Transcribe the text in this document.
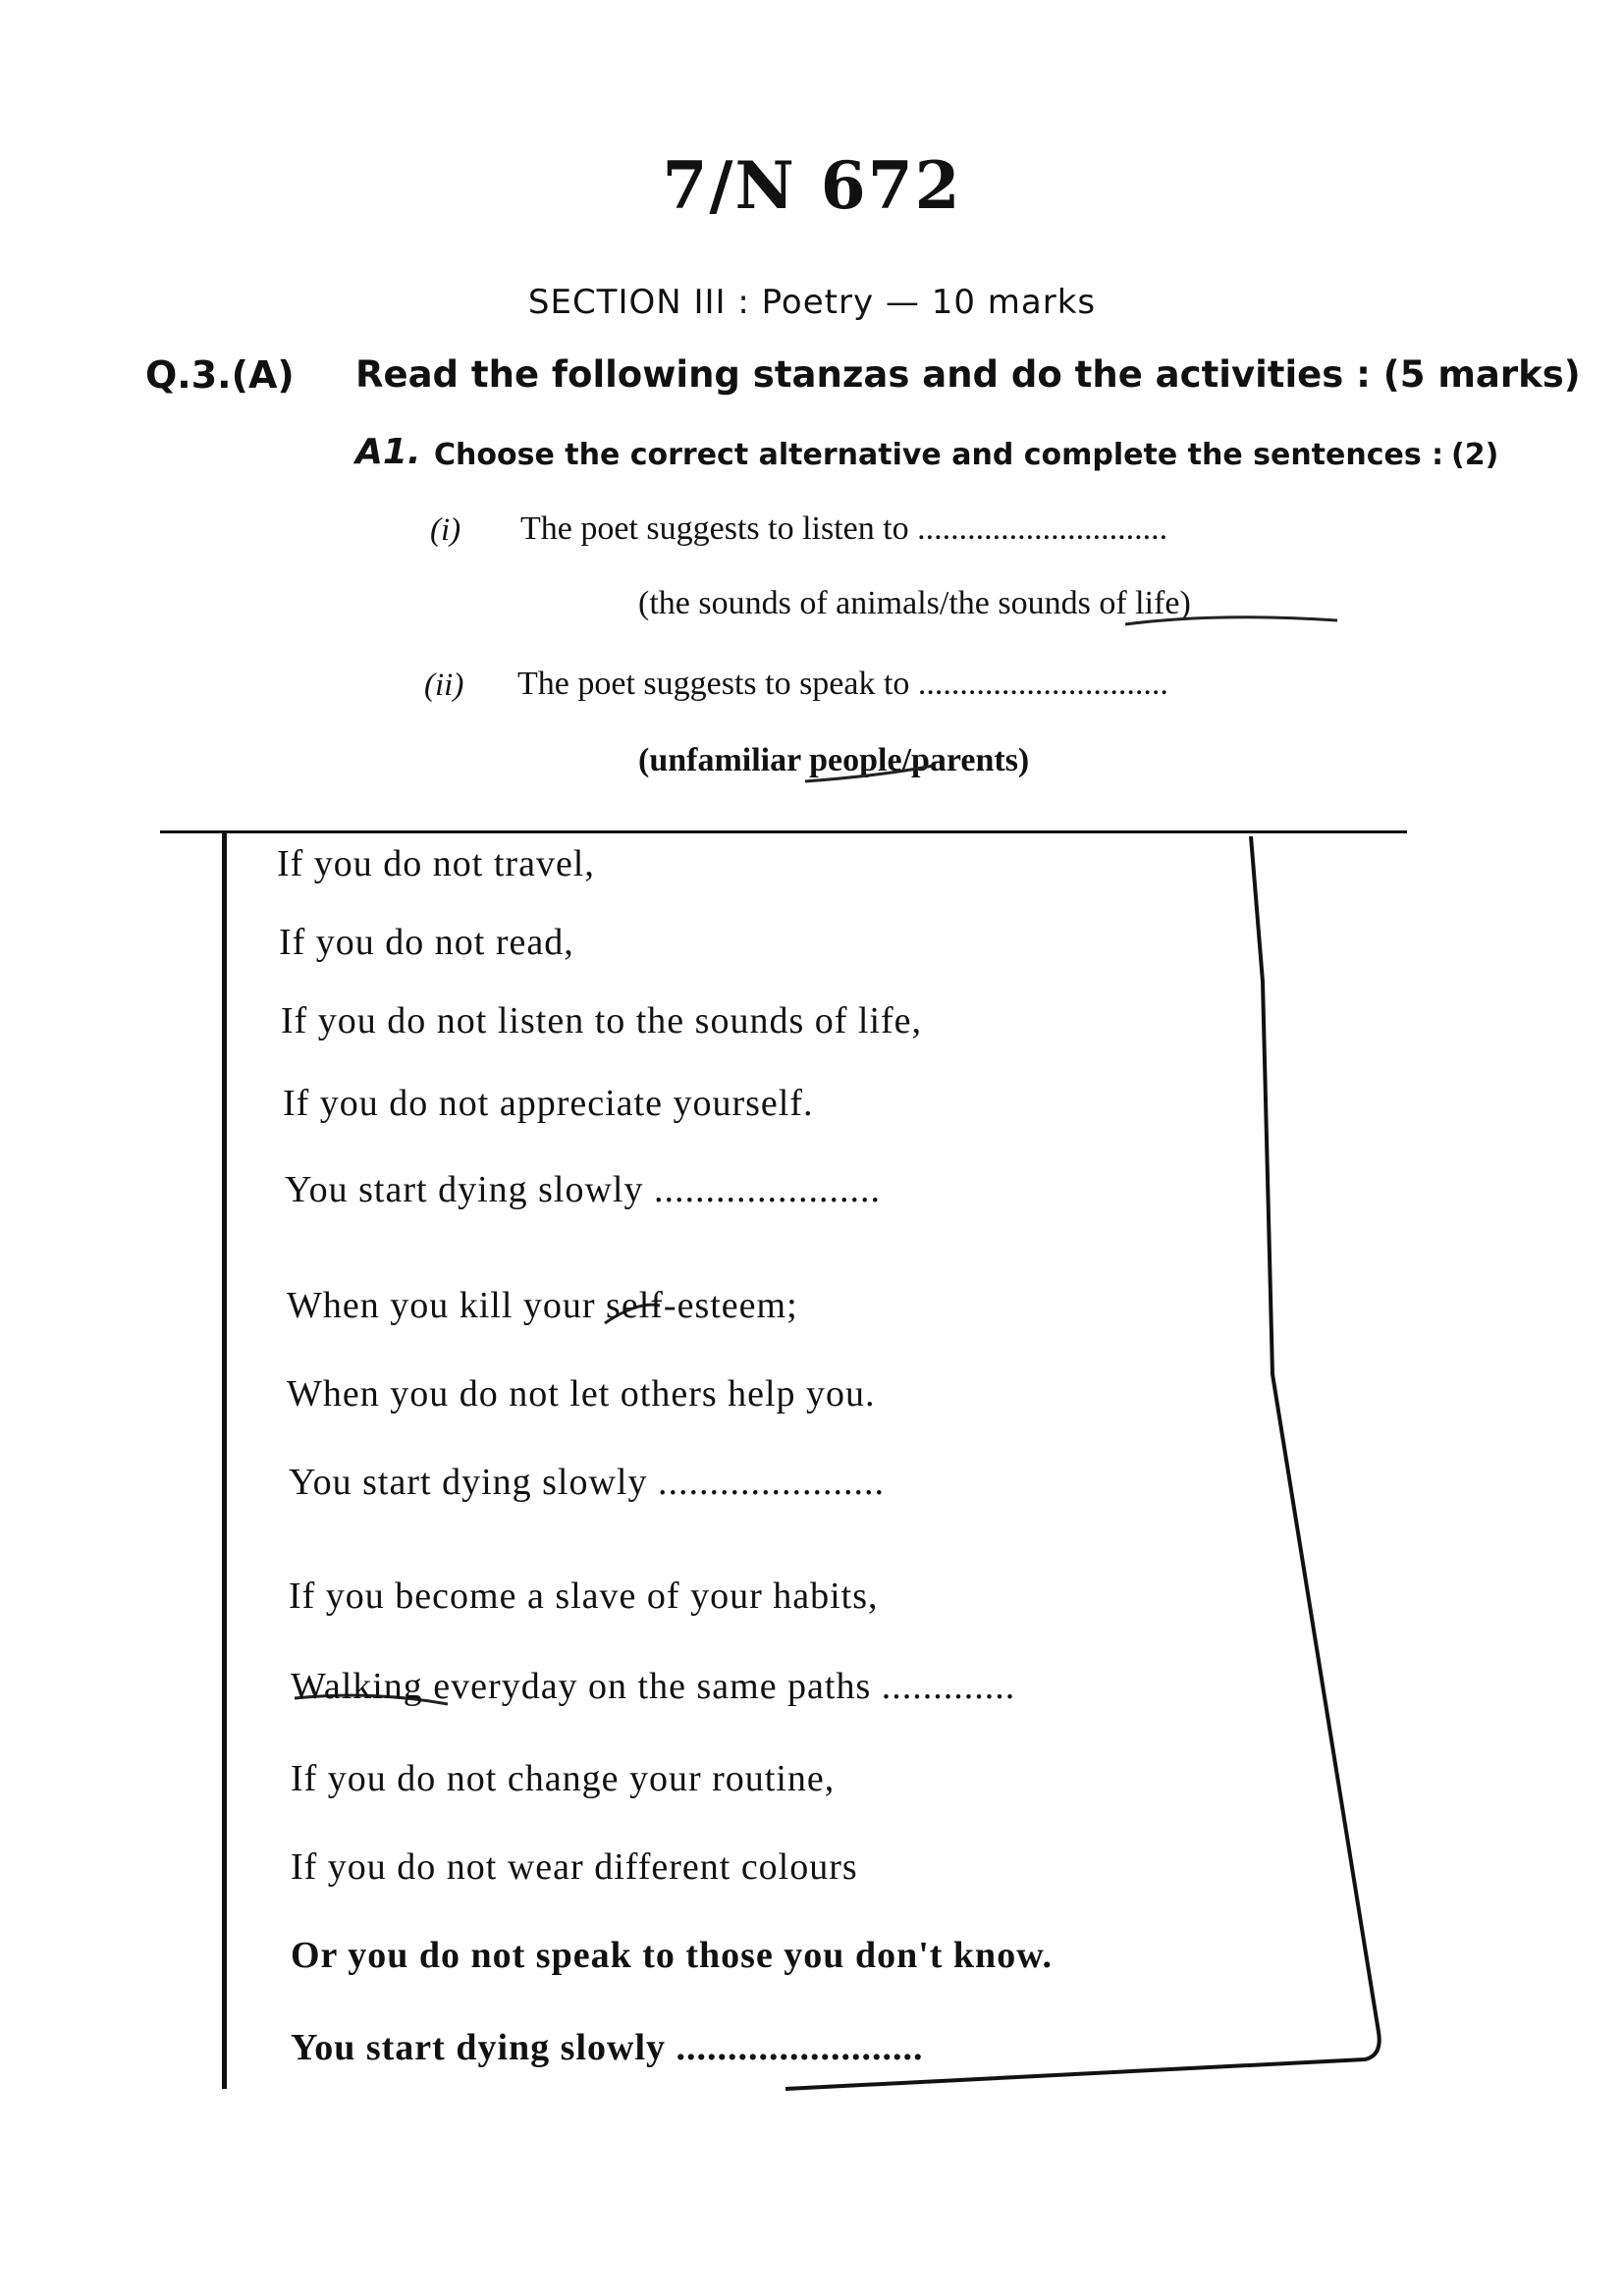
7/N 672
SECTION III : Poetry — 10 marks
Q.3.(A) Read the following stanzas and do the activities : (5 marks)
A1. Choose the correct alternative and complete the sentences : (2)
(i) The poet suggests to listen to ..............................
(the sounds of animals/the sounds of life)
(ii) The poet suggests to speak to ..............................
(unfamiliar people/parents)
If you do not travel,
If you do not read,
If you do not listen to the sounds of life,
If you do not appreciate yourself.
You start dying slowly ......................
When you kill your self-esteem;
When you do not let others help you.
You start dying slowly ......................
If you become a slave of your habits,
Walking everyday on the same paths .............
If you do not change your routine,
If you do not wear different colours
Or you do not speak to those you don't know.
You start dying slowly ........................
